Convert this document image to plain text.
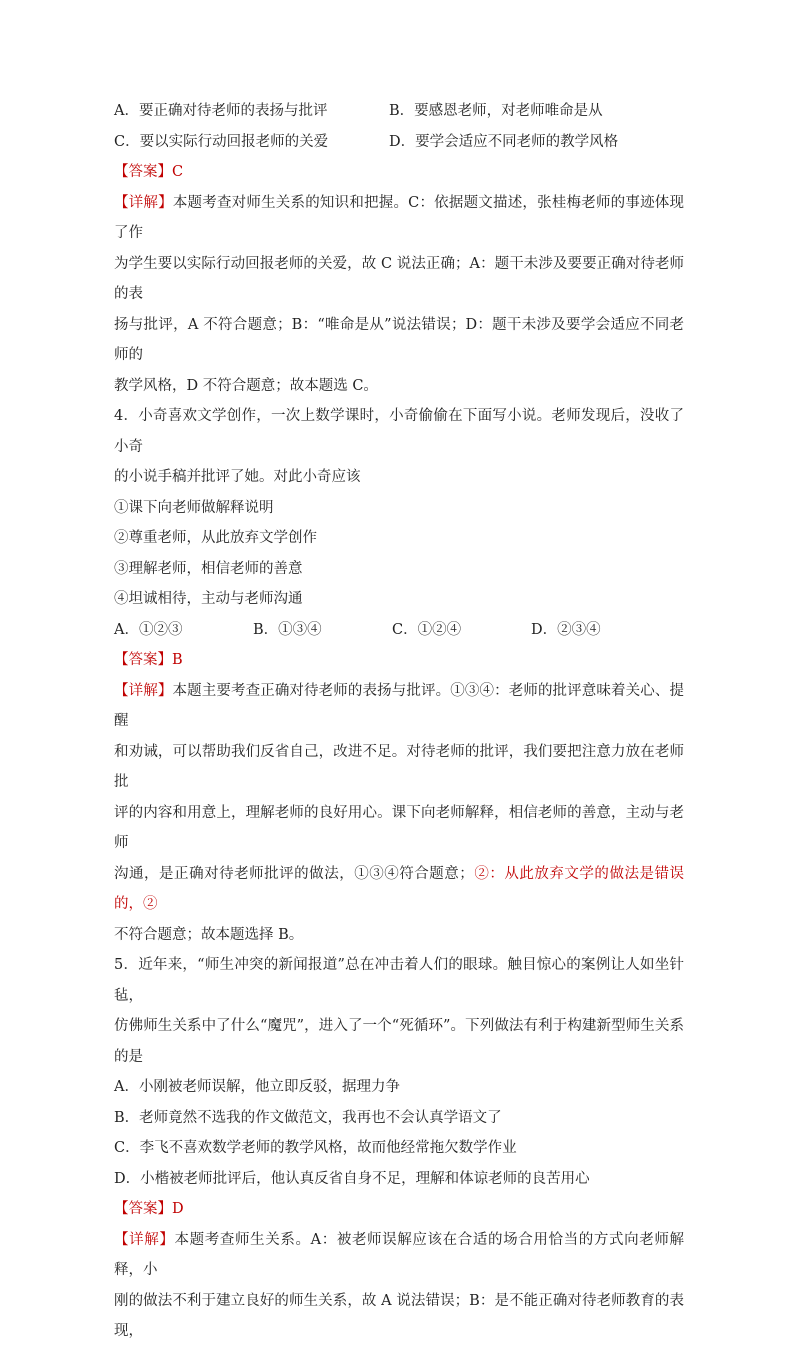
A．要正确对待老师的表扬与批评	B．要感恩老师，对老师唯命是从
C．要以实际行动回报老师的关爱	D．要学会适应不同老师的教学风格
【答案】C
【详解】本题考查对师生关系的知识和把握。C：依据题文描述，张桂梅老师的事迹体现了作
为学生要以实际行动回报老师的关爱，故 C 说法正确；A：题干未涉及要要正确对待老师的表
扬与批评，A 不符合题意；B：“唯命是从”说法错误；D：题干未涉及要学会适应不同老师的
教学风格，D 不符合题意；故本题选 C。
4．小奇喜欢文学创作，一次上数学课时，小奇偷偷在下面写小说。老师发现后，没收了小奇
的小说手稿并批评了她。对此小奇应该
①课下向老师做解释说明
②尊重老师，从此放弃文学创作
③理解老师，相信老师的善意
④坦诚相待，主动与老师沟通
A．①②③	B．①③④	C．①②④	D．②③④
【答案】B
【详解】本题主要考查正确对待老师的表扬与批评。①③④：老师的批评意味着关心、提醒
和劝诫，可以帮助我们反省自己，改进不足。对待老师的批评，我们要把注意力放在老师批
评的内容和用意上，理解老师的良好用心。课下向老师解释，相信老师的善意，主动与老师
沟通，是正确对待老师批评的做法，①③④符合题意；②：从此放弃文学的做法是错误的，②
不符合题意；故本题选择 B。
5．近年来，“师生冲突的新闻报道”总在冲击着人们的眼球。触目惊心的案例让人如坐针毡，
仿佛师生关系中了什么“魔咒”，进入了一个“死循环”。下列做法有利于构建新型师生关系的是
A．小刚被老师误解，他立即反驳，据理力争
B．老师竟然不选我的作文做范文，我再也不会认真学语文了
C．李飞不喜欢数学老师的教学风格，故而他经常拖欠数学作业
D．小楷被老师批评后，他认真反省自身不足，理解和体谅老师的良苦用心
【答案】D
【详解】本题考查师生关系。A：被老师误解应该在合适的场合用恰当的方式向老师解释，小
刚的做法不利于建立良好的师生关系，故 A 说法错误；B：是不能正确对待老师教育的表现，
